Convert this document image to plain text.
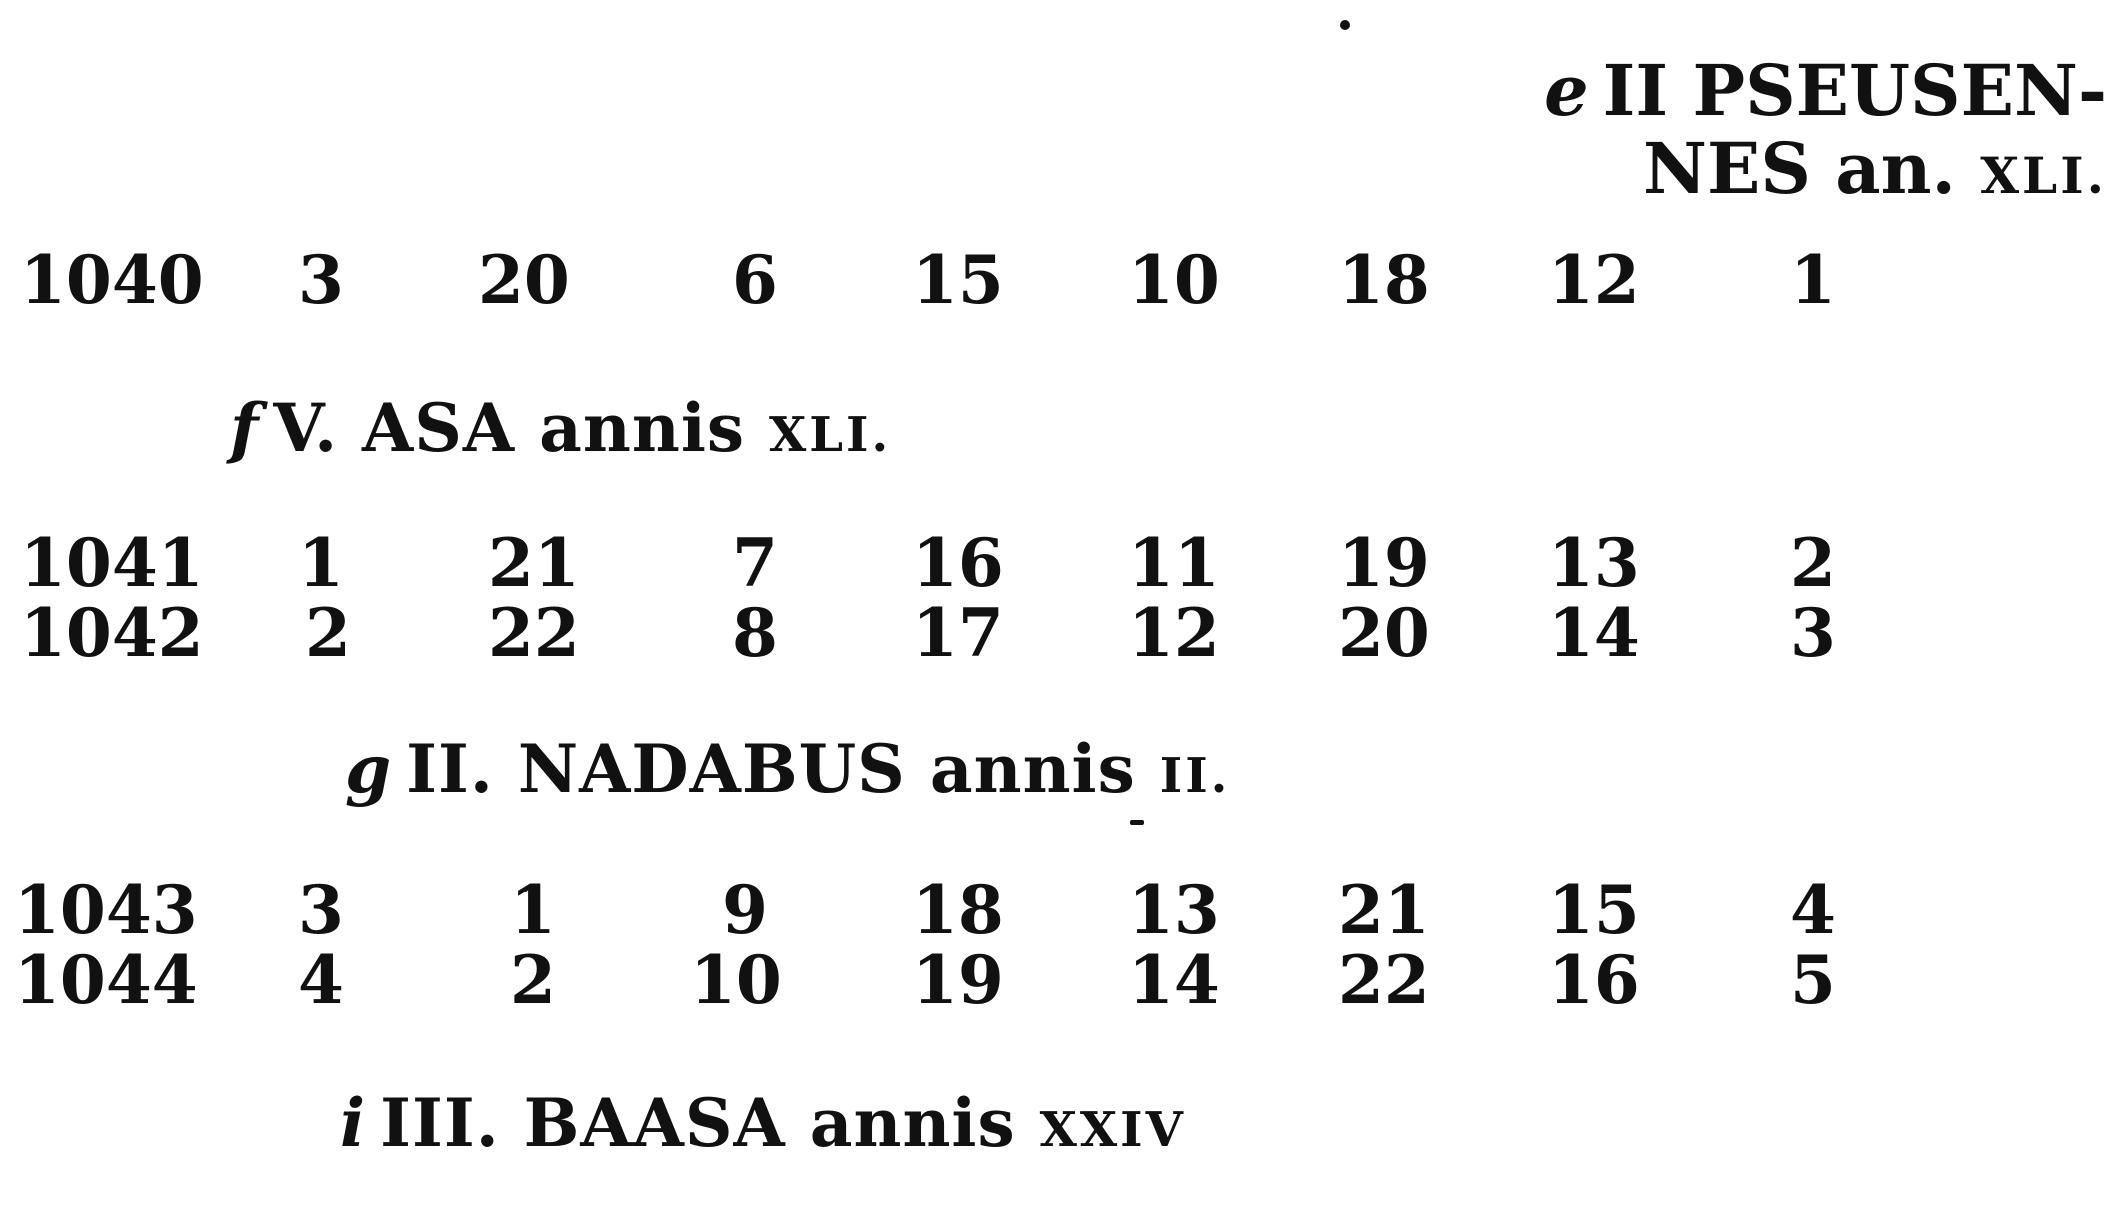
e II PSEUSEN-
NES an. XLI.
1040 3 20 6 15 10 18 12 1
f V. ASA annis XLI.
1041 1 21 7 16 11 19 13 2
1042 2 22 8 17 12 20 14 3
g II. NADABUS annis II.
1043 3	1	9 18 13 21 15 4
1044 4	2 10 19 14 22 16 5
i III. BAASA annis XXIV
